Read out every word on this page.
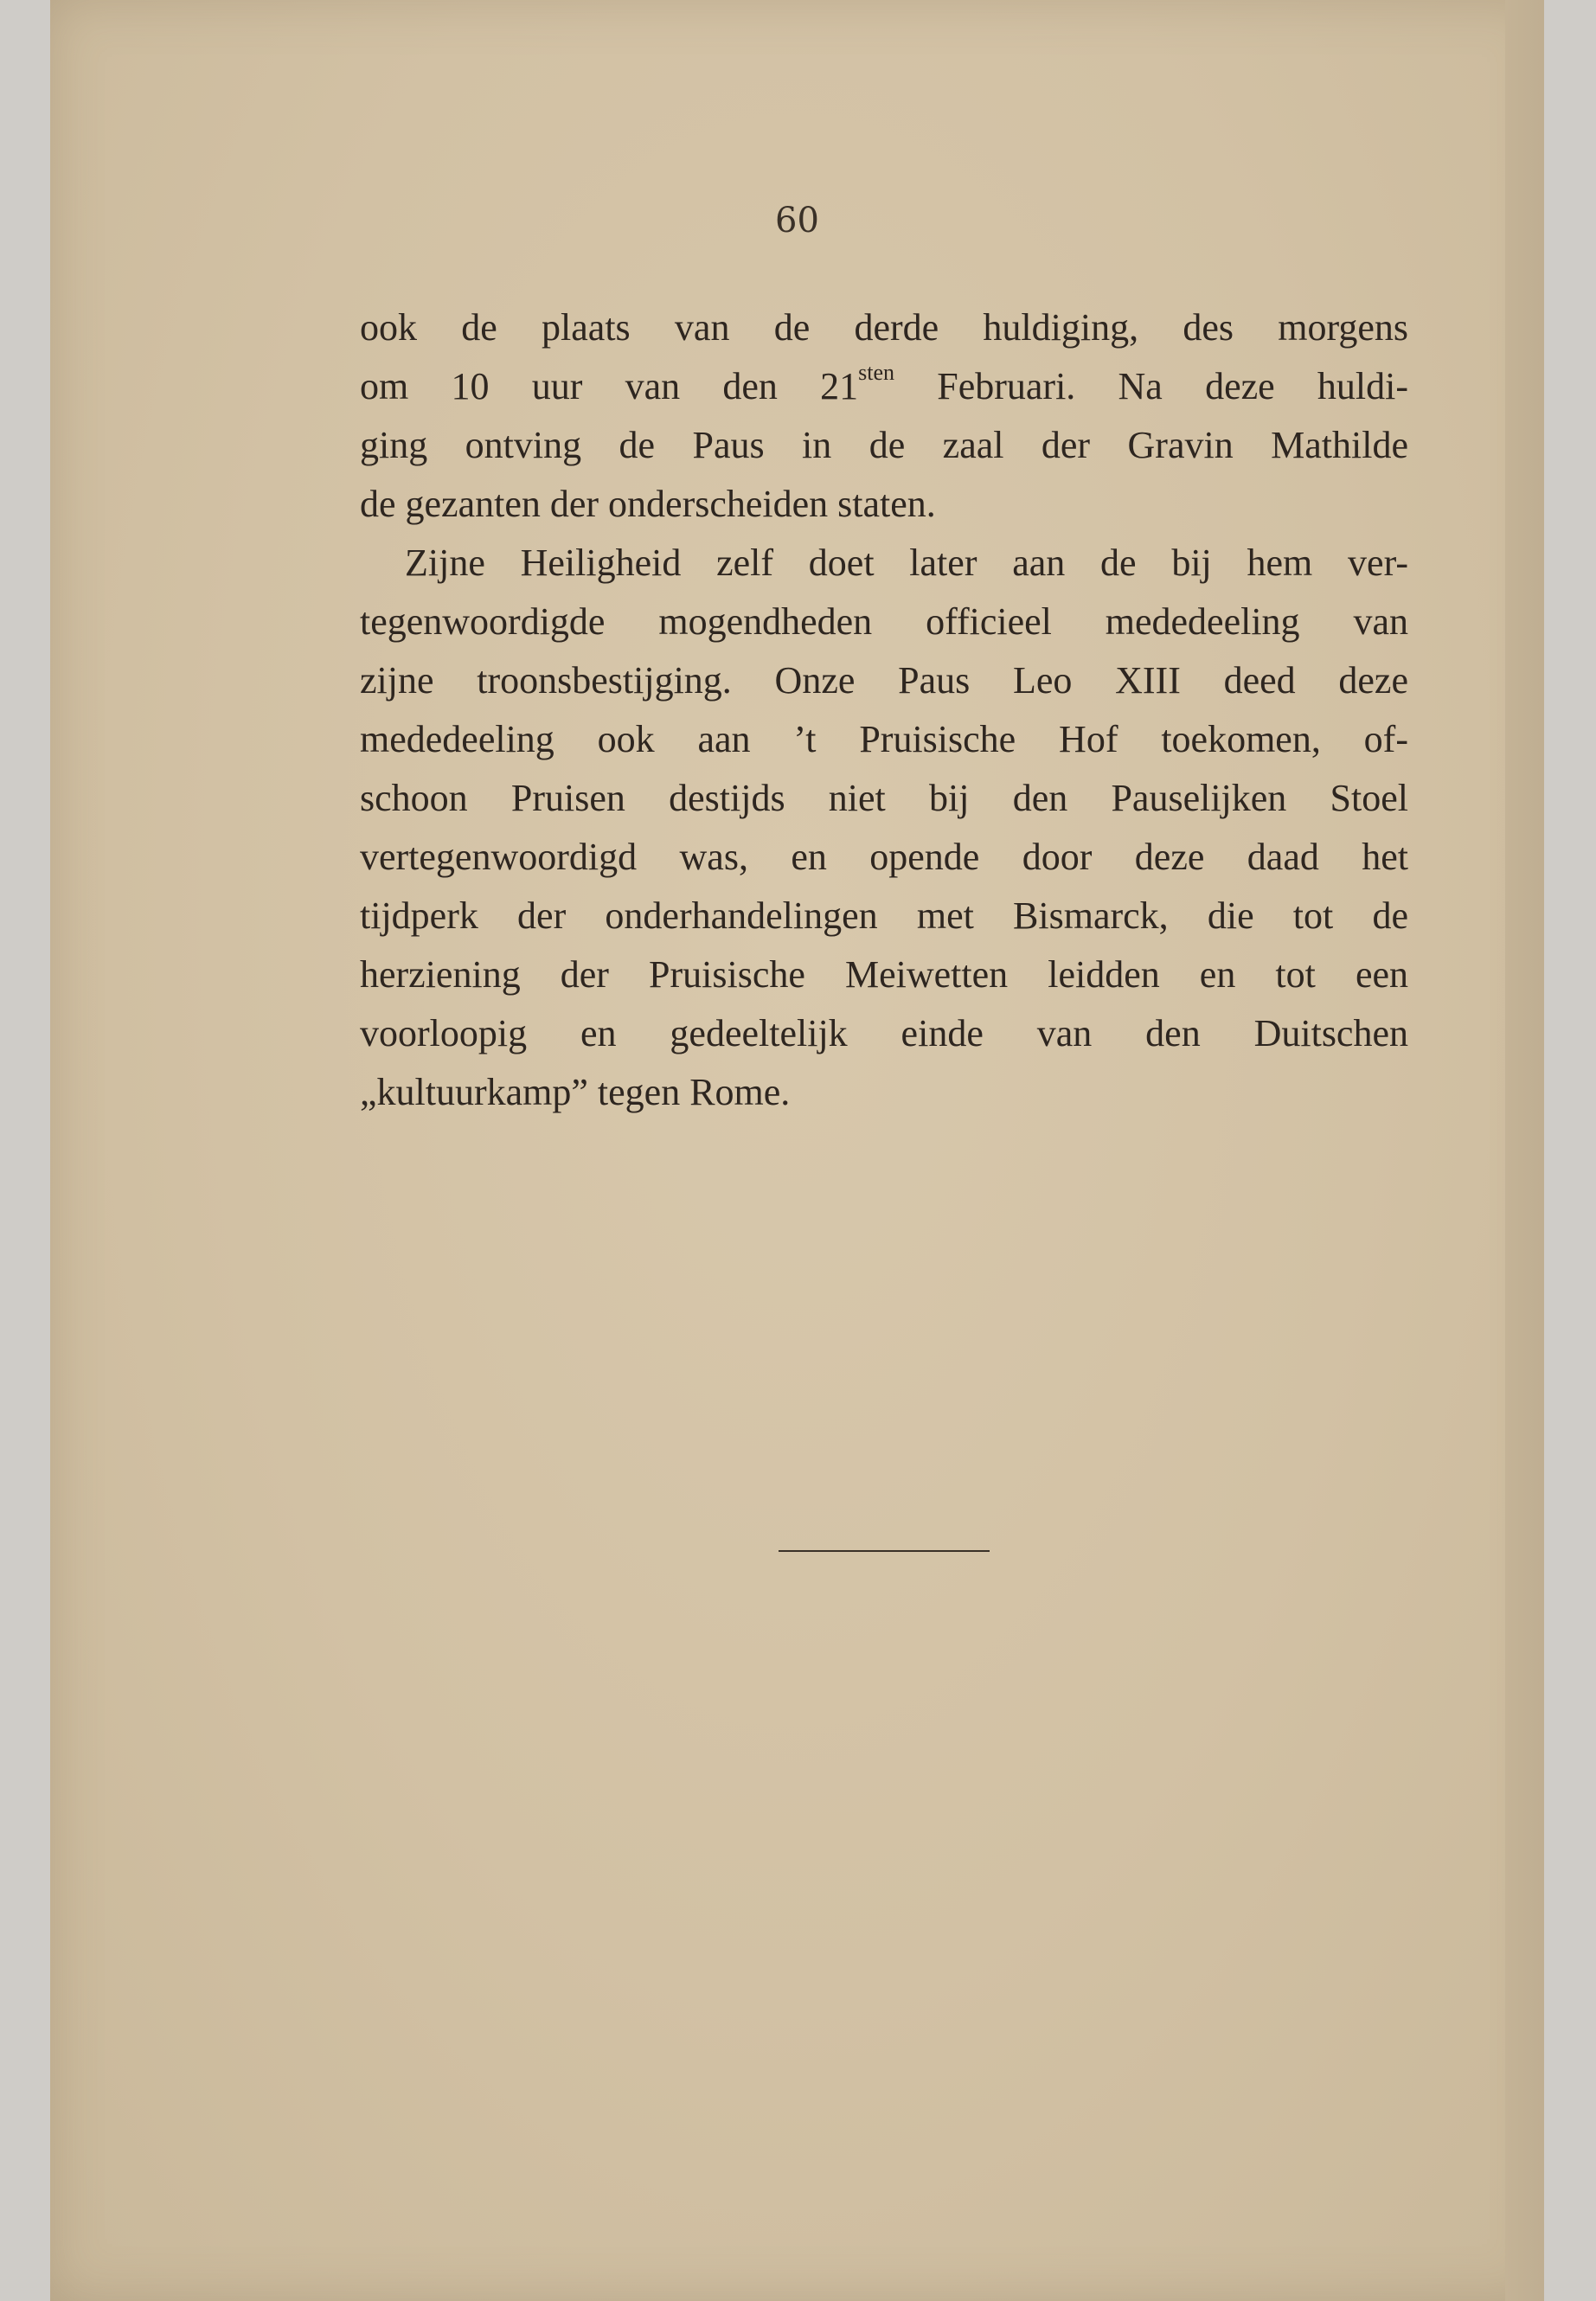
60

ook de plaats van de derde huldiging, des morgens
om 10 uur van den $21^{sten}$ Februari. Na deze huldi-
ging ontving de Paus in de zaal der Gravin Mathilde
de gezanten der onderscheiden staten.

Zijne Heiligheid zelf doet later aan de bij hem ver-
tegenwoordigde mogendheden officieel mededeeling van
zijne troonsbestijging. Onze Paus Leo XIII deed deze
mededeeling ook aan ’t Pruisische Hof toekomen, of-
schoon Pruisen destijds niet bij den Pauselijken Stoel
vertegenwoordigd was, en opende door deze daad het
tijdperk der onderhandelingen met Bismarck, die tot de
herziening der Pruisische Meiwetten leidden en tot een
voorloopig en gedeeltelijk einde van den Duitschen
„kultuurkamp” tegen Rome.
